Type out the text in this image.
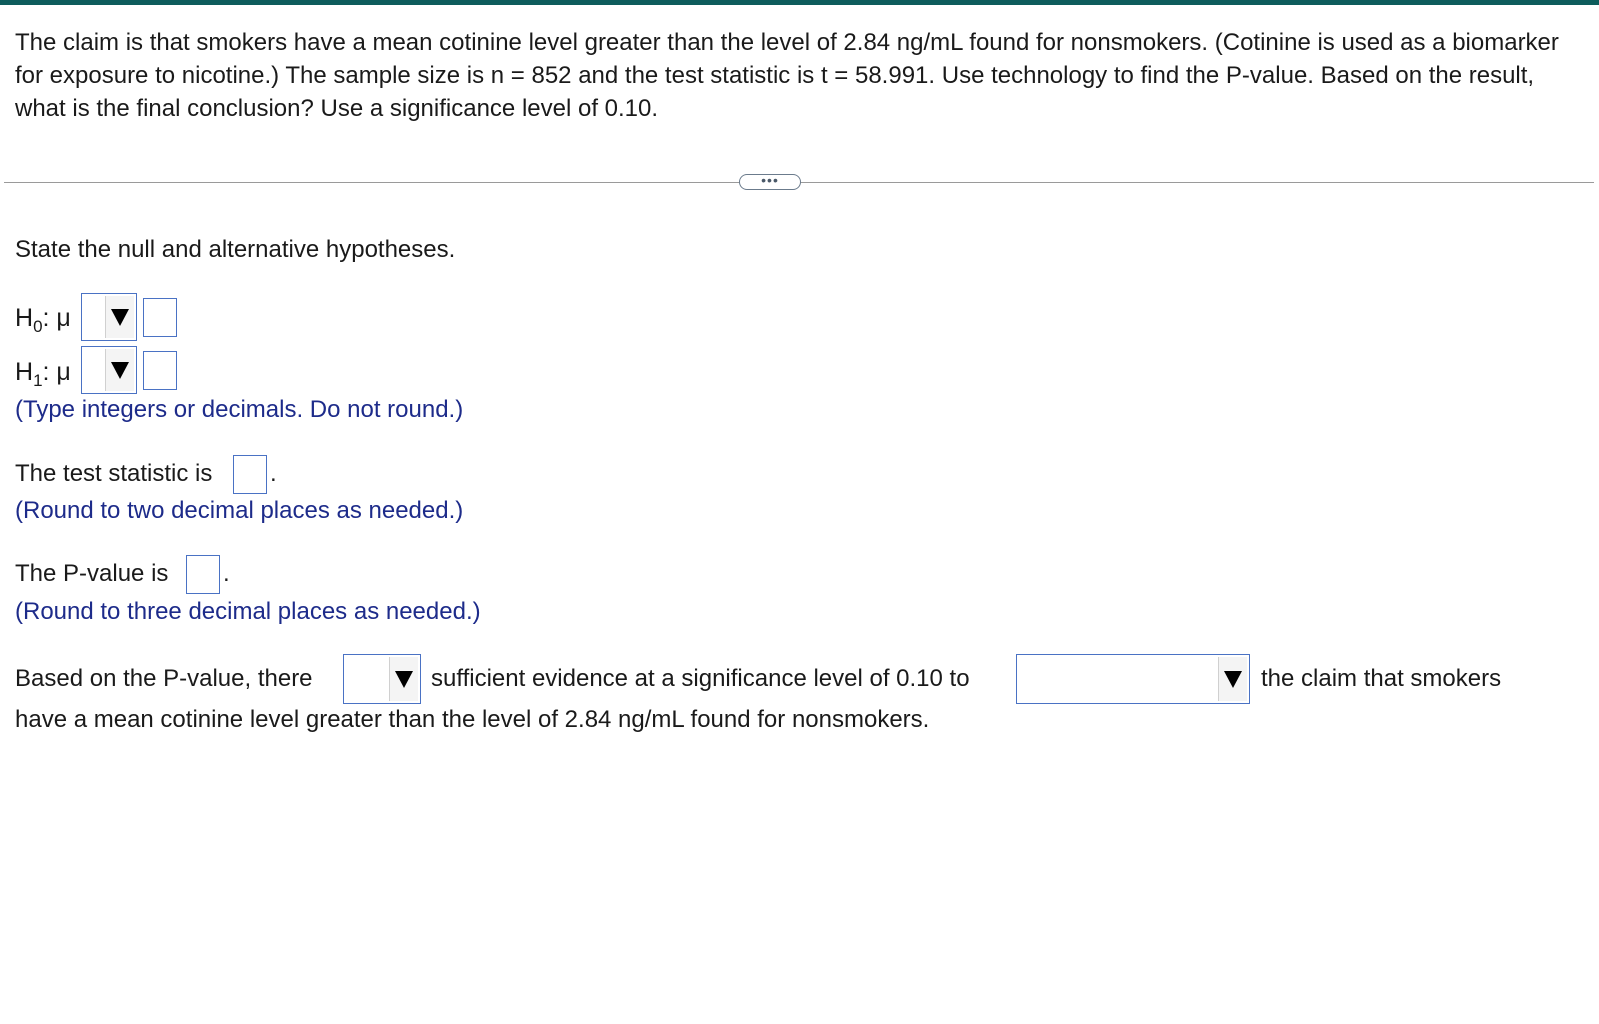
The claim is that smokers have a mean cotinine level greater than the level of 2.84 ng/mL found for nonsmokers. (Cotinine is used as a biomarker for exposure to nicotine.) The sample size is n = 852 and the test statistic is t = 58.991. Use technology to find the P-value. Based on the result, what is the final conclusion? Use a significance level of 0.10.
•••
State the null and alternative hypotheses.
$H_0$: μ
$H_1$: μ
(Type integers or decimals. Do not round.)
The test statistic is .
(Round to two decimal places as needed.)
The P-value is .
(Round to three decimal places as needed.)
Based on the P-value, there	sufficient evidence at a significance level of 0.10 to	the claim that smokers
have a mean cotinine level greater than the level of 2.84 ng/mL found for nonsmokers.
